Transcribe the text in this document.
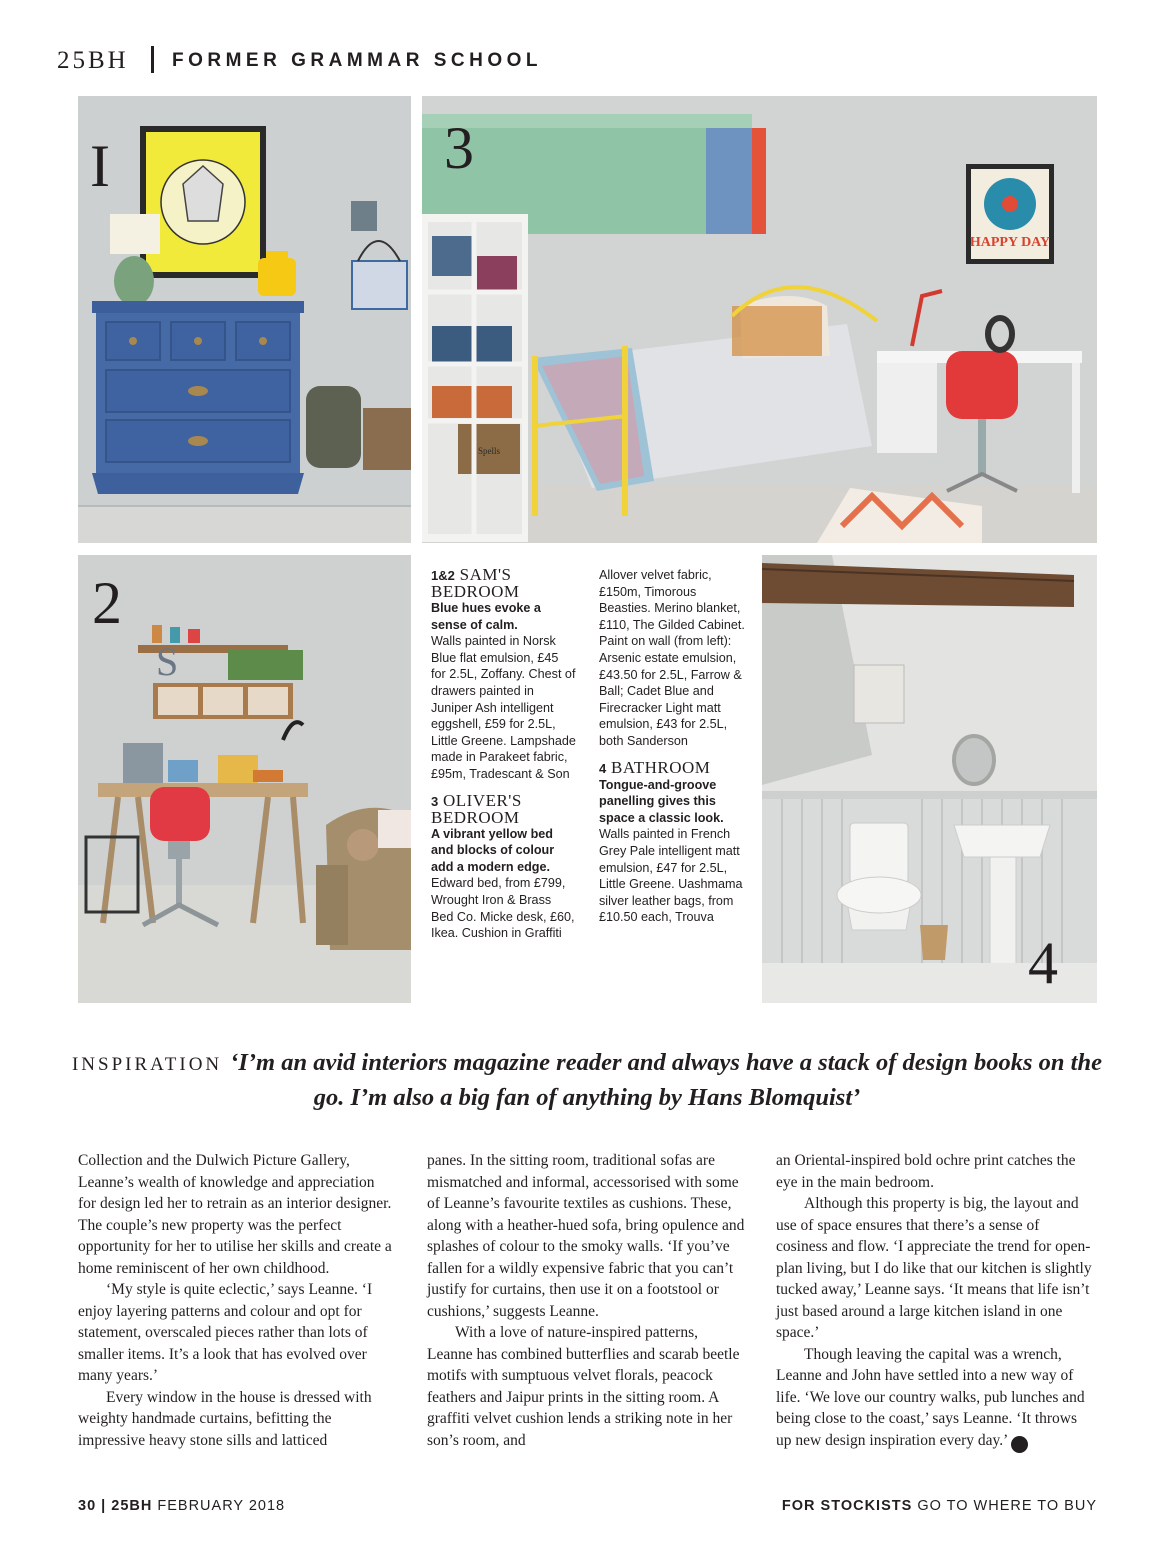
25BH FORMER GRAMMAR SCHOOL
I
HAPPY DAY
Spells
3
S
2
4
1&2 SAM'S
BEDROOM
Blue hues evoke a sense of calm.
Walls painted in Norsk Blue flat emulsion, £45 for 2.5L, Zoffany. Chest of drawers painted in Juniper Ash intelligent eggshell, £59 for 2.5L, Little Greene. Lampshade made in Parakeet fabric, £95m, Tradescant & Son
3 OLIVER'S
BEDROOM
A vibrant yellow bed and blocks of colour add a modern edge.
Edward bed, from £799, Wrought Iron & Brass Bed Co. Micke desk, £60, Ikea. Cushion in Graffiti
Allover velvet fabric, £150m, Timorous Beasties. Merino blanket, £110, The Gilded Cabinet. Paint on wall (from left): Arsenic estate emulsion, £43.50 for 2.5L, Farrow & Ball; Cadet Blue and Firecracker Light matt emulsion, £43 for 2.5L, both Sanderson
4 BATHROOM
Tongue-and-groove panelling gives this space a classic look.
Walls painted in French Grey Pale intelligent matt emulsion, £47 for 2.5L, Little Greene. Uashmama silver leather bags, from £10.50 each, Trouva
INSPIRATION ‘I’m an avid interiors magazine reader and always have a stack of design books on the go. I’m also a big fan of anything by Hans Blomquist’

Collection and the Dulwich Picture Gallery, Leanne’s wealth of knowledge and appreciation for design led her to retrain as an interior designer. The couple’s new property was the perfect opportunity for her to utilise her skills and create a home reminiscent of her own childhood.

‘My style is quite eclectic,’ says Leanne. ‘I enjoy layering patterns and colour and opt for statement, overscaled pieces rather than lots of smaller items. It’s a look that has evolved over many years.’

Every window in the house is dressed with weighty handmade curtains, befitting the impressive heavy stone sills and latticed

panes. In the sitting room, traditional sofas are mismatched and informal, accessorised with some of Leanne’s favourite textiles as cushions. These, along with a heather-hued sofa, bring opulence and splashes of colour to the smoky walls. ‘If you’ve fallen for a wildly expensive fabric that you can’t justify for curtains, then use it on a footstool or cushions,’ suggests Leanne.

With a love of nature-inspired patterns, Leanne has combined butterflies and scarab beetle motifs with sumptuous velvet florals, peacock feathers and Jaipur prints in the sitting room. A graffiti velvet cushion lends a striking note in her son’s room, and

an Oriental-inspired bold ochre print catches the eye in the main bedroom.

Although this property is big, the layout and use of space ensures that there’s a sense of cosiness and flow. ‘I appreciate the trend for open-plan living, but I do like that our kitchen is slightly tucked away,’ Leanne says. ‘It means that life isn’t just based around a large kitchen island in one space.’

Though leaving the capital was a wrench, Leanne and John have settled into a new way of life. ‘We love our country walks, pub lunches and being close to the coast,’ says Leanne. ‘It throws up new design inspiration every day.’	25

30 | 25BH FEBRUARY 2018	FOR STOCKISTS GO TO WHERE TO BUY
